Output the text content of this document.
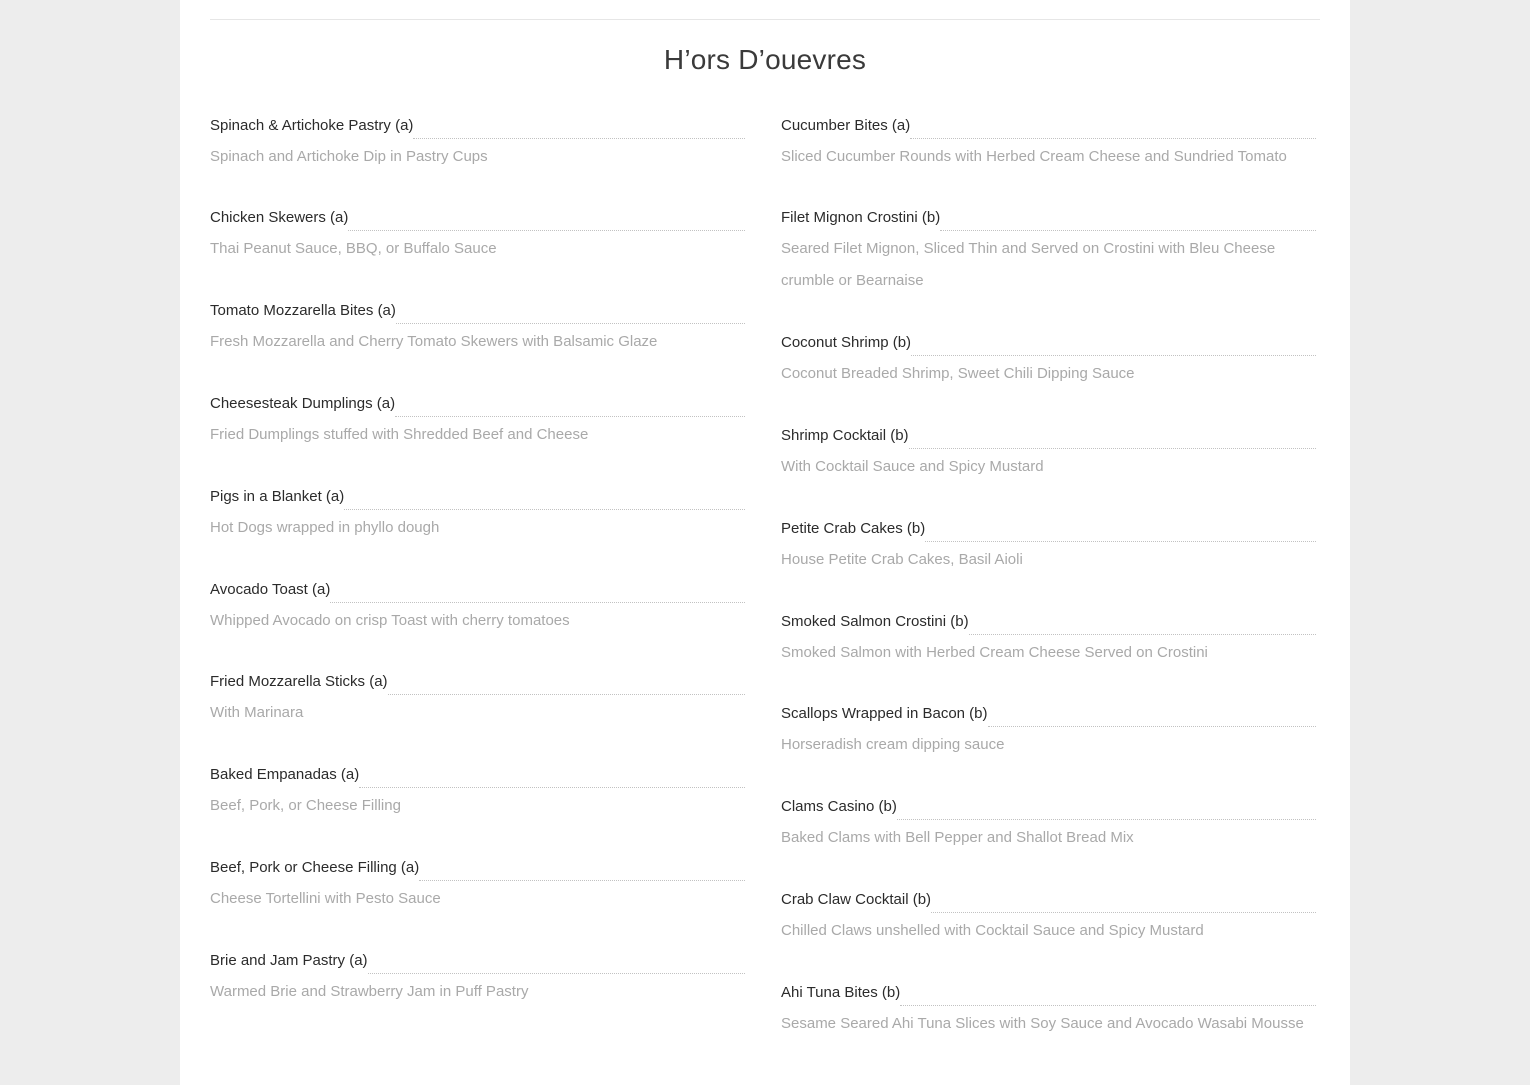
H’ors D’ouevres
Spinach & Artichoke Pastry (a)
Spinach and Artichoke Dip in Pastry Cups
Chicken Skewers (a)
Thai Peanut Sauce, BBQ, or Buffalo Sauce
Tomato Mozzarella Bites (a)
Fresh Mozzarella and Cherry Tomato Skewers with Balsamic Glaze
Cheesesteak Dumplings (a)
Fried Dumplings stuffed with Shredded Beef and Cheese
Pigs in a Blanket (a)
Hot Dogs wrapped in phyllo dough
Avocado Toast (a)
Whipped Avocado on crisp Toast with cherry tomatoes
Fried Mozzarella Sticks (a)
With Marinara
Baked Empanadas (a)
Beef, Pork, or Cheese Filling
Beef, Pork or Cheese Filling (a)
Cheese Tortellini with Pesto Sauce
Brie and Jam Pastry (a)
Warmed Brie and Strawberry Jam in Puff Pastry
Cucumber Bites (a)
Sliced Cucumber Rounds with Herbed Cream Cheese and Sundried Tomato
Filet Mignon Crostini (b)
Seared Filet Mignon, Sliced Thin and Served on Crostini with Bleu Cheese crumble or Bearnaise
Coconut Shrimp (b)
Coconut Breaded Shrimp, Sweet Chili Dipping Sauce
Shrimp Cocktail (b)
With Cocktail Sauce and Spicy Mustard
Petite Crab Cakes (b)
House Petite Crab Cakes, Basil Aioli
Smoked Salmon Crostini (b)
Smoked Salmon with Herbed Cream Cheese Served on Crostini
Scallops Wrapped in Bacon (b)
Horseradish cream dipping sauce
Clams Casino (b)
Baked Clams with Bell Pepper and Shallot Bread Mix
Crab Claw Cocktail (b)
Chilled Claws unshelled with Cocktail Sauce and Spicy Mustard
Ahi Tuna Bites (b)
Sesame Seared Ahi Tuna Slices with Soy Sauce and Avocado Wasabi Mousse
